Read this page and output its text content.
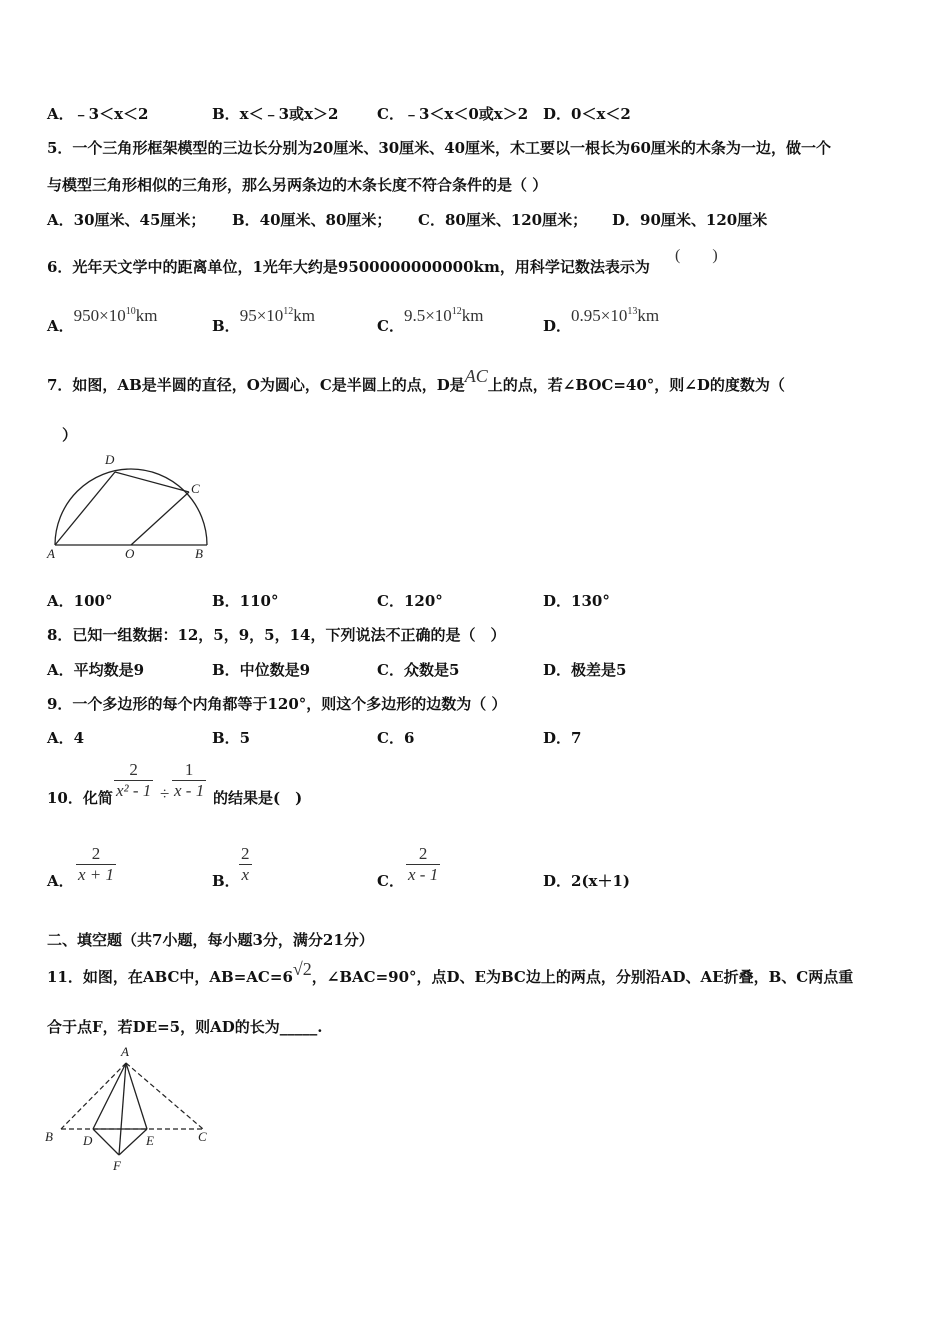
A．﹣3＜x＜2	B．x＜﹣3或x＞2	C．﹣3＜x＜0或x＞2 D．0＜x＜2
5．一个三角形框架模型的三边长分别为20厘米、30厘米、40厘米，木工要以一根长为60厘米的木条为一边，做一个
与模型三角形相似的三角形，那么另两条边的木条长度不符合条件的是（ ）
A．30厘米、45厘米； B．40厘米、80厘米； C．80厘米、120厘米； D．90厘米、120厘米
6．光年天文学中的距离单位，1光年大约是9500000000000km，用科学记数法表示为
(　　)
A．$950\times 10^{10}km$
B．$95\times 10^{12}km$
C．$9.5\times 10^{12}km$
D．$0.95\times 10^{13}km$
7．如图，AB是半圆的直径，O为圆心，C是半圆上的点，D是AC上的点，若∠BOC=40°，则∠D的度数为（
）
D
C
A	O	B
A．100°	B．110°	C．120°	D．130°
8．已知一组数据：12，5，9，5，14，下列说法不正确的是（　）
A．平均数是9	B．中位数是9	C．众数是5	D．极差是5
9．一个多边形的每个内角都等于120°，则这个多边形的边数为（ ）
A．4	B．5	C．6	D．7
10．化简 $\frac{2}{\text{x² - 1}} \div \frac{1}{x - 1}$ 的结果是(　)
A． $\frac{2}{x + 1}$	B． $\frac{2}{x}$	C． $\frac{2}{x - 1}$	D．2(x＋1)
二、填空题（共7小题，每小题3分，满分21分）
11．如图，在ABC中，AB=AC=6√2，∠BAC=90°，点D、E为BC边上的两点，分别沿AD、AE折叠，B、C两点重
合于点F，若DE=5，则AD的长为_____.
A
B D	E	C
F
